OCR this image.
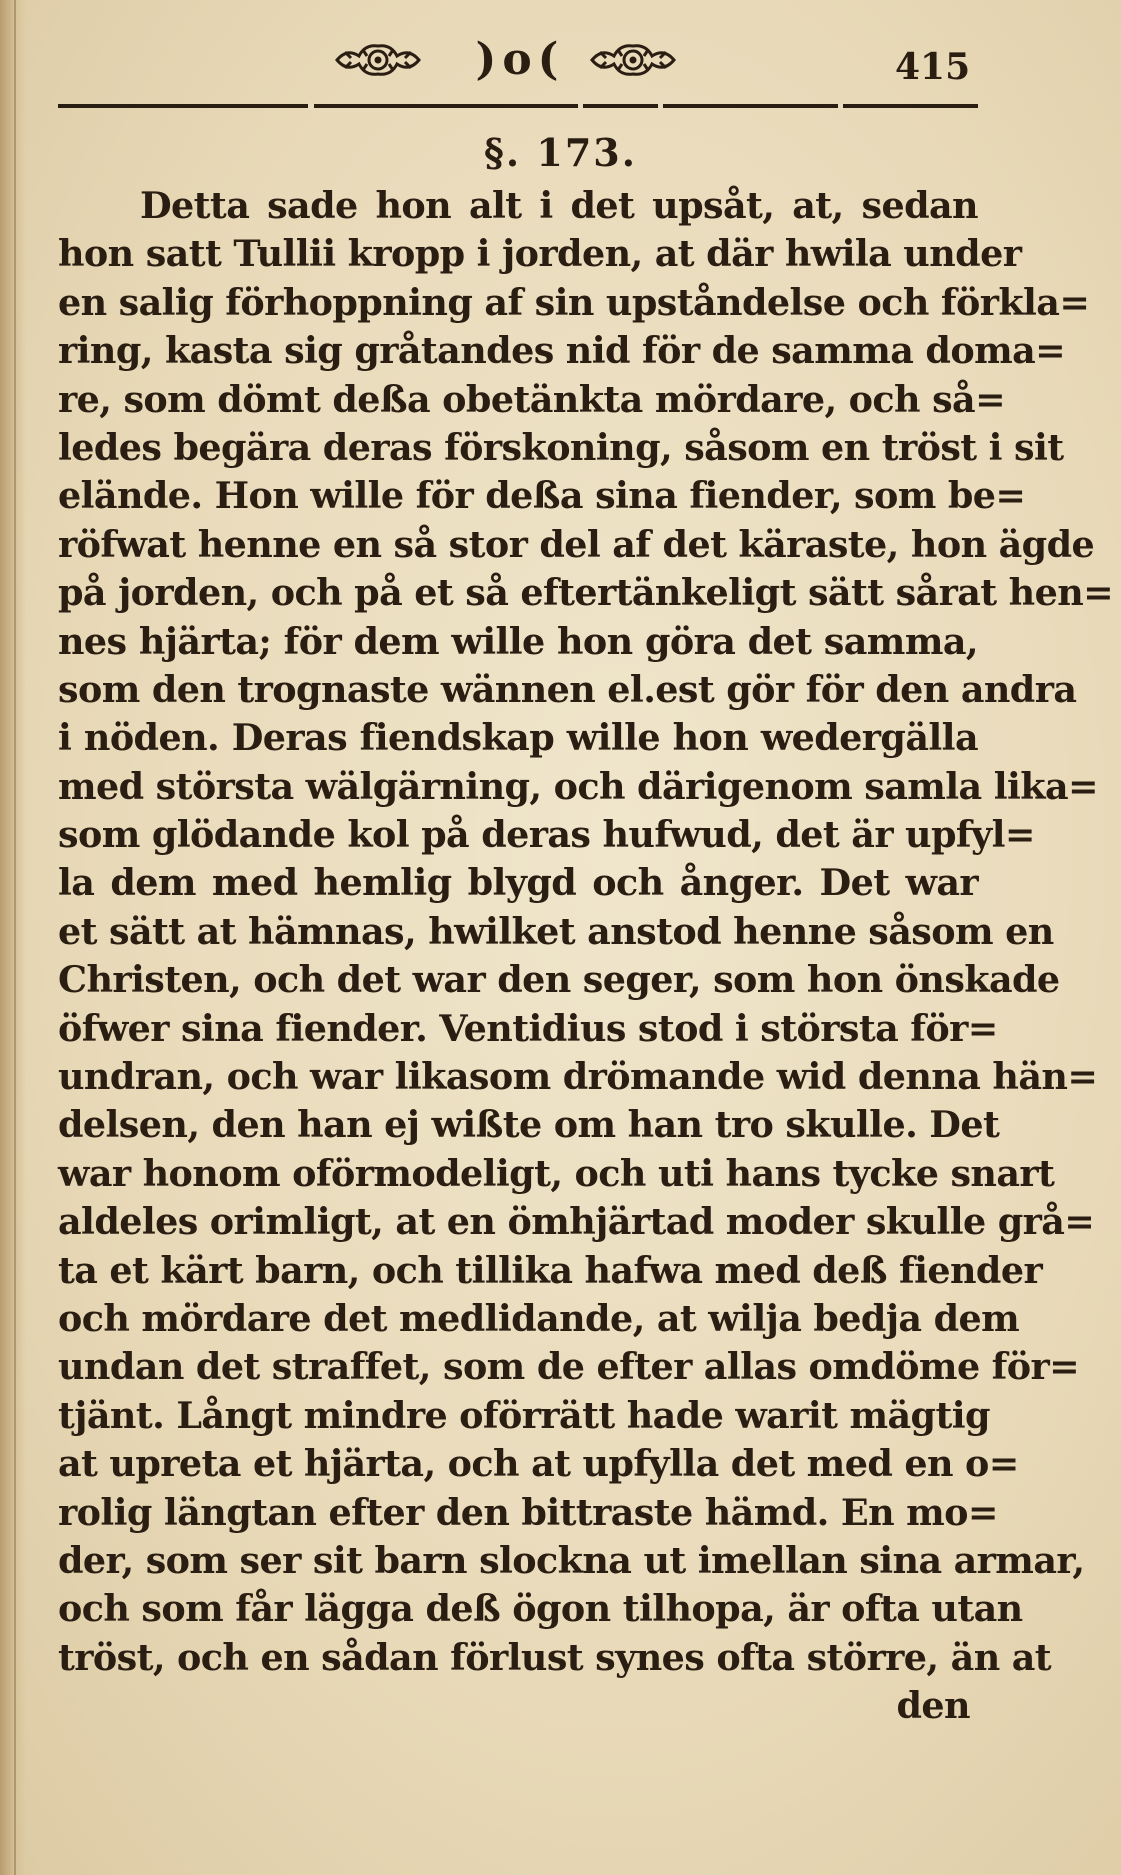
)o(	415
§. 173.
Detta sade hon alt i det upsåt, at, sedan
hon satt Tullii kropp i jorden, at där hwila under
en salig förhoppning af sin upståndelse och förkla=
ring, kasta sig gråtandes nid för de samma doma=
re, som dömt deßa obetänkta mördare, och så=
ledes begära deras förskoning, såsom en tröst i sit
elände. Hon wille för deßa sina fiender, som be=
röfwat henne en så stor del af det käraste, hon ägde
på jorden, och på et så eftertänkeligt sätt sårat hen=
nes hjärta; för dem wille hon göra det samma,
som den trognaste wännen el.est gör för den andra
i nöden. Deras fiendskap wille hon wedergälla
med största wälgärning, och därigenom samla lika=
som glödande kol på deras hufwud, det är upfyl=
la dem med hemlig blygd och ånger. Det war
et sätt at hämnas, hwilket anstod henne såsom en
Christen, och det war den seger, som hon önskade
öfwer sina fiender. Ventidius stod i största för=
undran, och war likasom drömande wid denna hän=
delsen, den han ej wißte om han tro skulle. Det
war honom oförmodeligt, och uti hans tycke snart
aldeles orimligt, at en ömhjärtad moder skulle grå=
ta et kärt barn, och tillika hafwa med deß fiender
och mördare det medlidande, at wilja bedja dem
undan det straffet, som de efter allas omdöme för=
tjänt. Långt mindre oförrätt hade warit mägtig
at upreta et hjärta, och at upfylla det med en o=
rolig längtan efter den bittraste hämd. En mo=
der, som ser sit barn slockna ut imellan sina armar,
och som får lägga deß ögon tilhopa, är ofta utan
tröst, och en sådan förlust synes ofta större, än at
den
